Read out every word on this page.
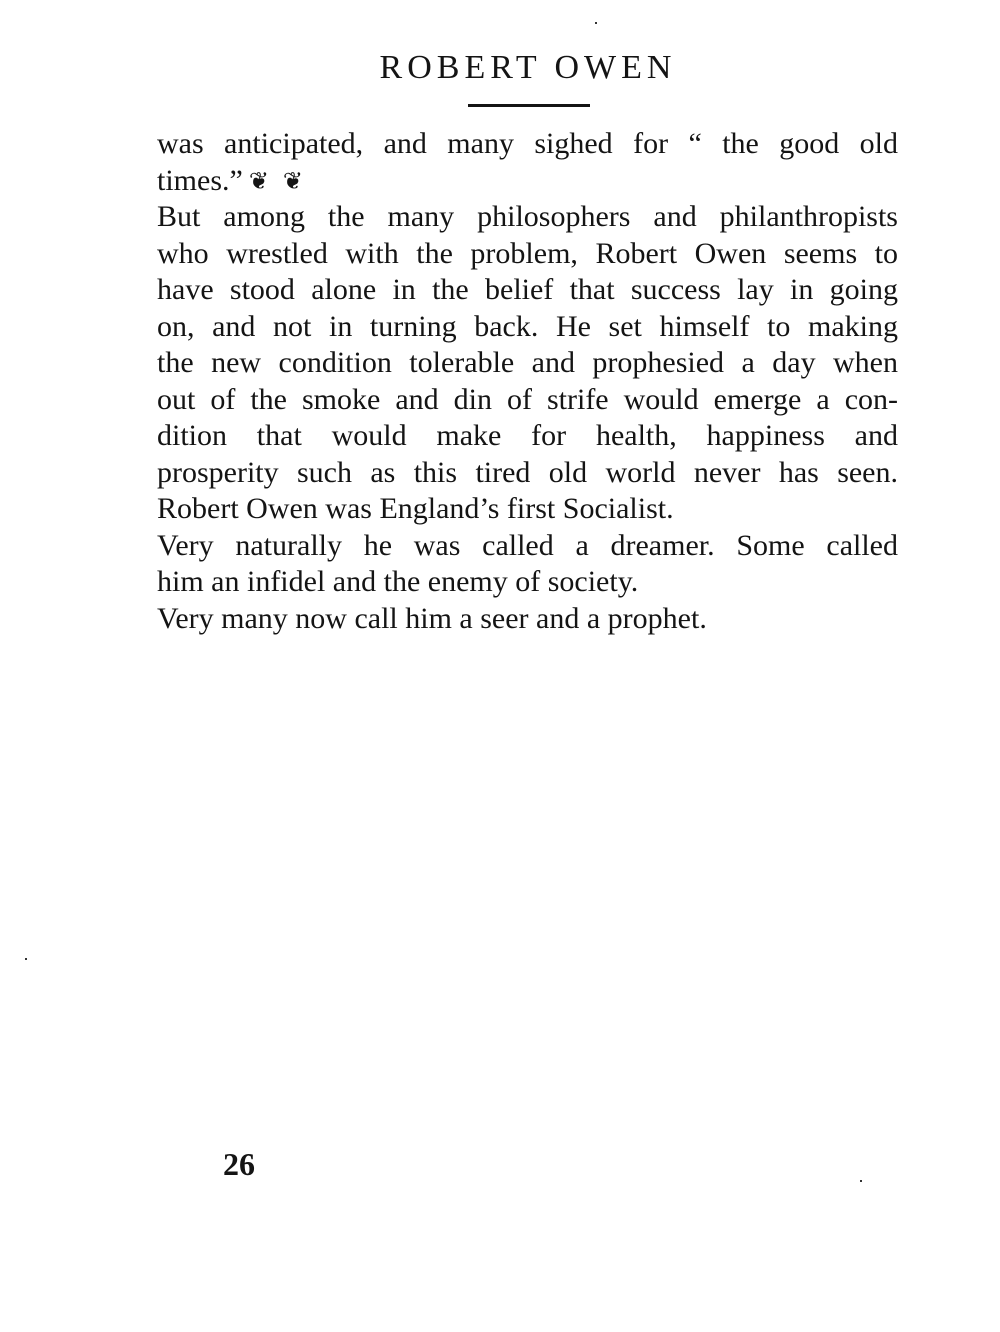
ROBERT OWEN
was anticipated, and many sighed for “ the good old
times.” ❦ ❦
But among the many philosophers and philanthropists
who wrestled with the problem, Robert Owen seems to
have stood alone in the belief that success lay in going
on, and not in turning back. He set himself to making
the new condition tolerable and prophesied a day when
out of the smoke and din of strife would emerge a con-
dition that would make for health, happiness and
prosperity such as this tired old world never has seen.
Robert Owen was England’s first Socialist.
Very naturally he was called a dreamer. Some called
him an infidel and the enemy of society.
Very many now call him a seer and a prophet.
26
